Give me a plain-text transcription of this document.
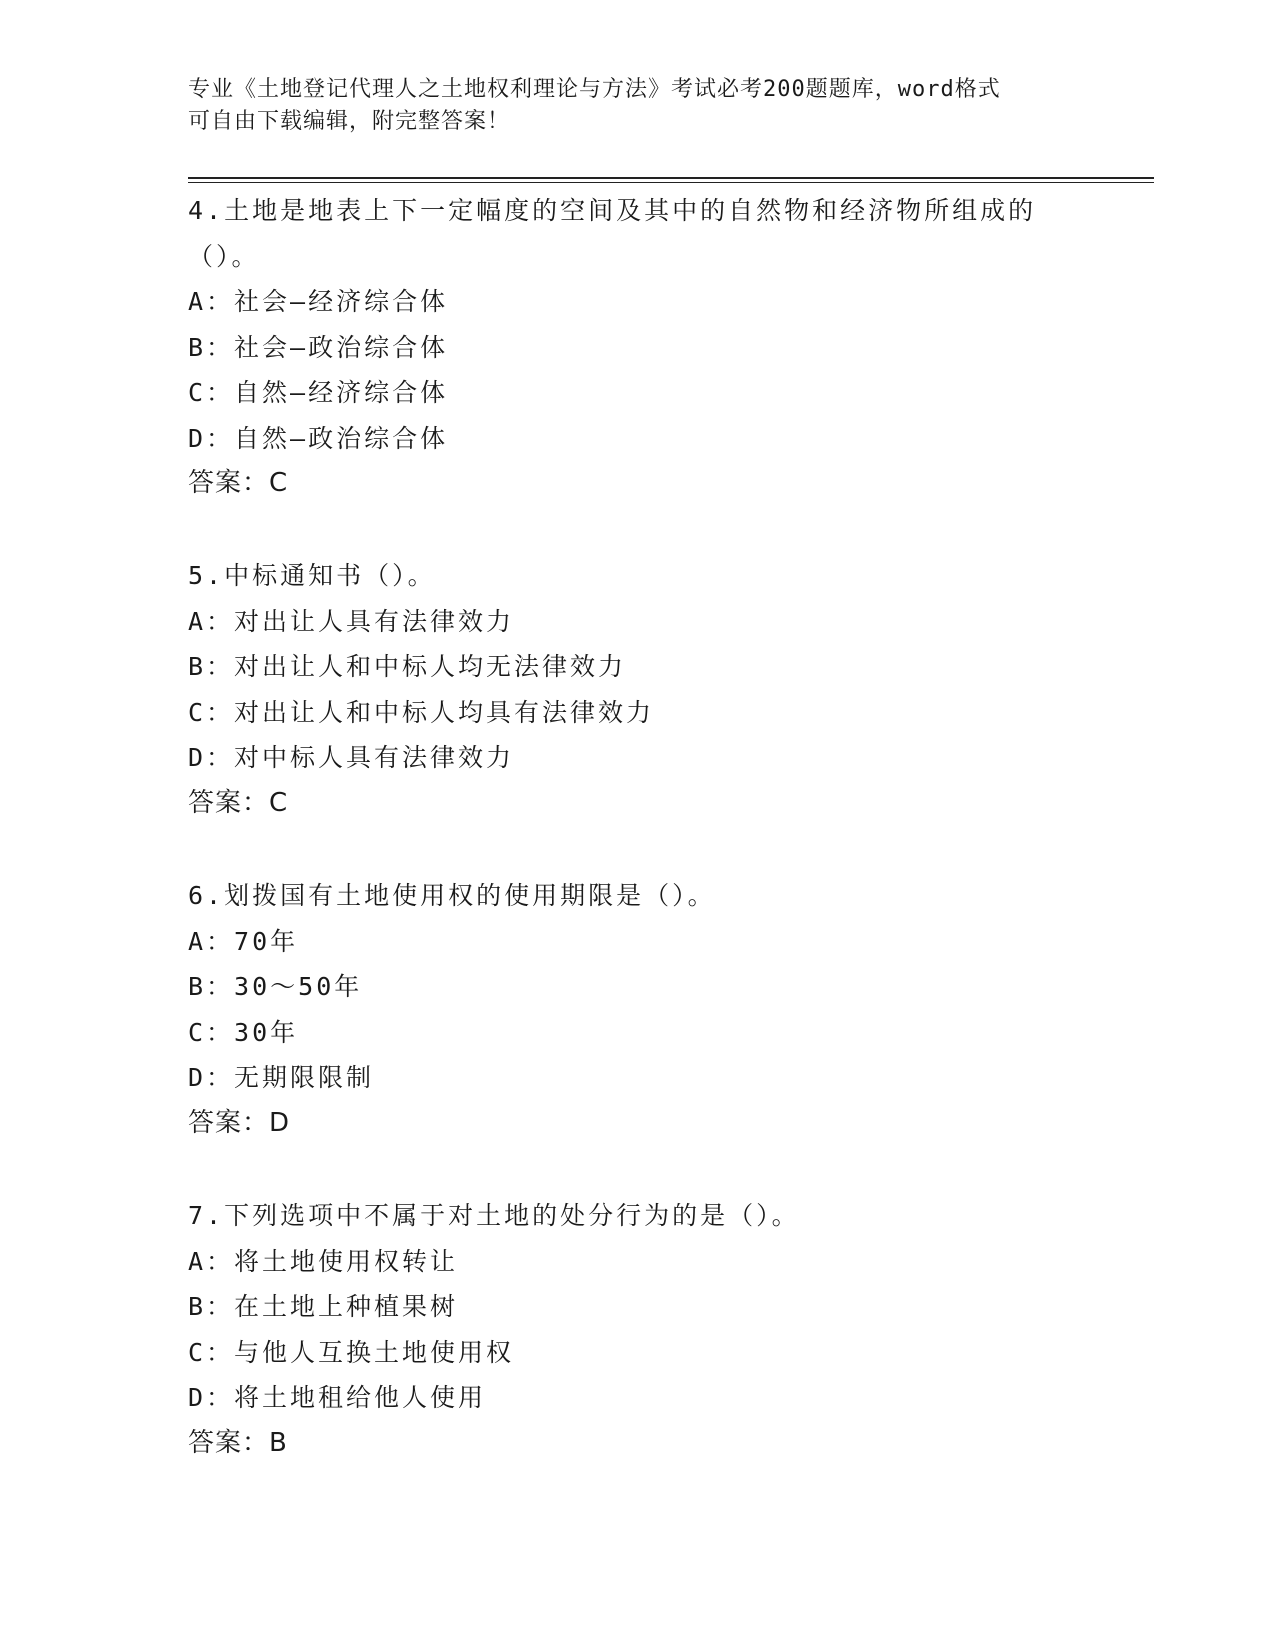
专业《土地登记代理人之土地权利理论与方法》考试必考200题题库，word格式
可自由下载编辑，附完整答案！

4.土地是地表上下一定幅度的空间及其中的自然物和经济物所组成的

（）。

A：社会—经济综合体

B：社会—政治综合体

C：自然—经济综合体

D：自然—政治综合体

答案：C

5.中标通知书（）。

A：对出让人具有法律效力

B：对出让人和中标人均无法律效力

C：对出让人和中标人均具有法律效力

D：对中标人具有法律效力

答案：C

6.划拨国有土地使用权的使用期限是（）。

A：70年

B：30～50年

C：30年

D：无期限限制

答案：D

7.下列选项中不属于对土地的处分行为的是（）。

A：将土地使用权转让

B：在土地上种植果树

C：与他人互换土地使用权

D：将土地租给他人使用

答案：B
